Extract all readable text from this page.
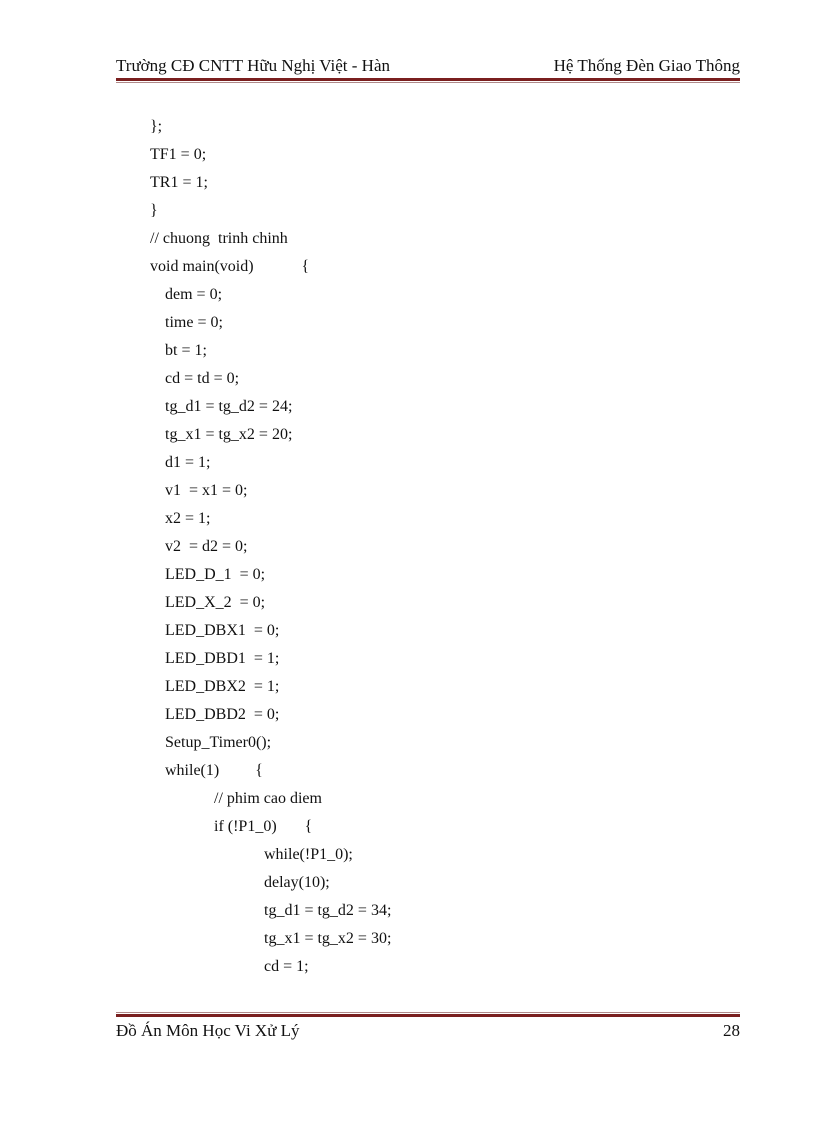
Trường CĐ CNTT Hữu Nghị Việt - Hàn	Hệ Thống Đèn Giao Thông
};
TF1 = 0;
TR1 = 1;
}
// chuong  trinh chinh
void main(void)            {
dem = 0;
time = 0;
bt = 1;
cd = td = 0;
tg_d1 = tg_d2 = 24;
tg_x1 = tg_x2 = 20;
d1 = 1;
v1  = x1 = 0;
x2 = 1;
v2  = d2 = 0;
LED_D_1  = 0;
LED_X_2  = 0;
LED_DBX1  = 0;
LED_DBD1  = 1;
LED_DBX2  = 1;
LED_DBD2  = 0;
Setup_Timer0();
while(1)         {
// phim cao diem
if (!P1_0)       {
while(!P1_0);
delay(10);
tg_d1 = tg_d2 = 34;
tg_x1 = tg_x2 = 30;
cd = 1;
Đồ Án Môn Học Vi Xử Lý	28
